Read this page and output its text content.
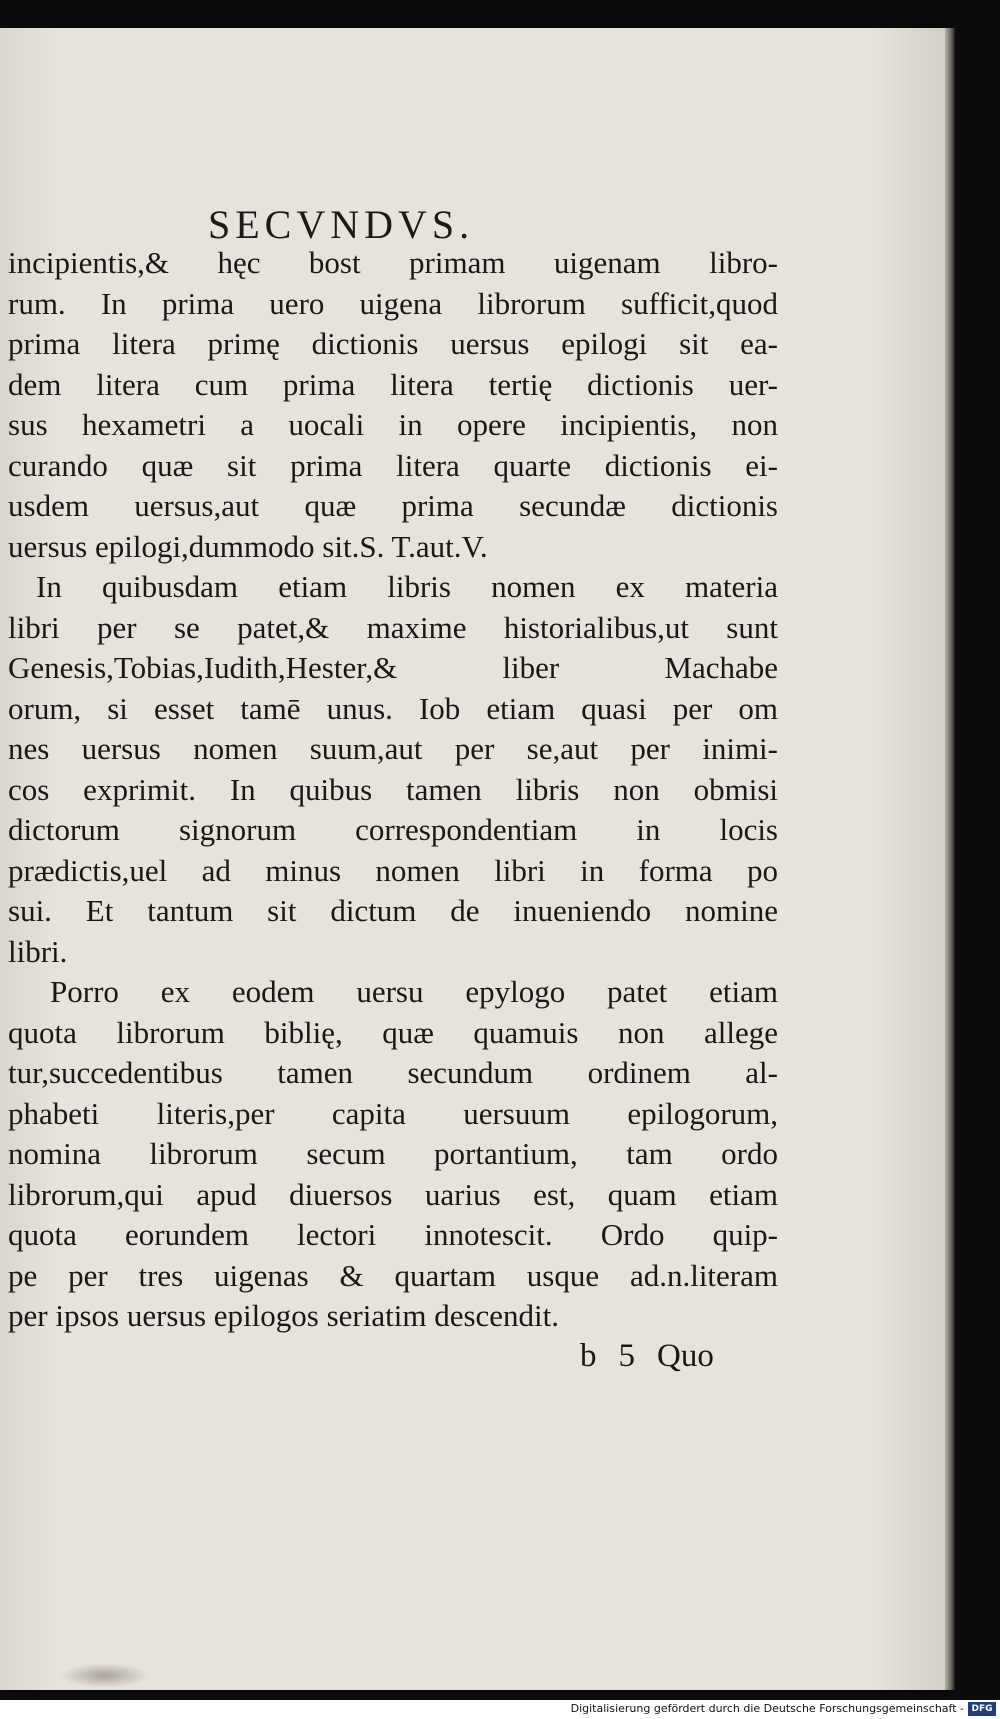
SECVNDVS.
incipientis,& hęc bost primam uigenam libro-
rum. In prima uero uigena librorum sufficit,quod
prima litera primę dictionis uersus epilogi sit ea-
dem litera cum prima litera tertię dictionis uer-
sus hexametri a uocali in opere incipientis, non
curando quæ sit prima litera quarte dictionis ei-
usdem uersus,aut quæ prima secundæ dictionis
uersus epilogi,dummodo sit.S. T.aut.V.
In quibusdam etiam libris nomen ex materia
libri per se patet,& maxime historialibus,ut sunt
Genesis,Tobias,Iudith,Hester,& liber Machabe
orum, si esset tamē unus. Iob etiam quasi per om
nes uersus nomen suum,aut per se,aut per inimi-
cos exprimit. In quibus tamen libris non obmisi
dictorum signorum correspondentiam in locis
prædictis,uel ad minus nomen libri in forma po
sui. Et tantum sit dictum de inueniendo nomine
libri.
Porro ex eodem uersu epylogo patet etiam
quota librorum biblię, quæ quamuis non allege
tur,succedentibus tamen secundum ordinem al-
phabeti literis,per capita uersuum epilogorum,
nomina librorum secum portantium, tam ordo
librorum,qui apud diuersos uarius est, quam etiam
quota eorundem lectori innotescit. Ordo quip-
pe per tres uigenas & quartam usque ad.n.literam
per ipsos uersus epilogos seriatim descendit.
b 5 Quo
Digitalisierung gefördert durch die Deutsche Forschungsgemeinschaft - DFG
